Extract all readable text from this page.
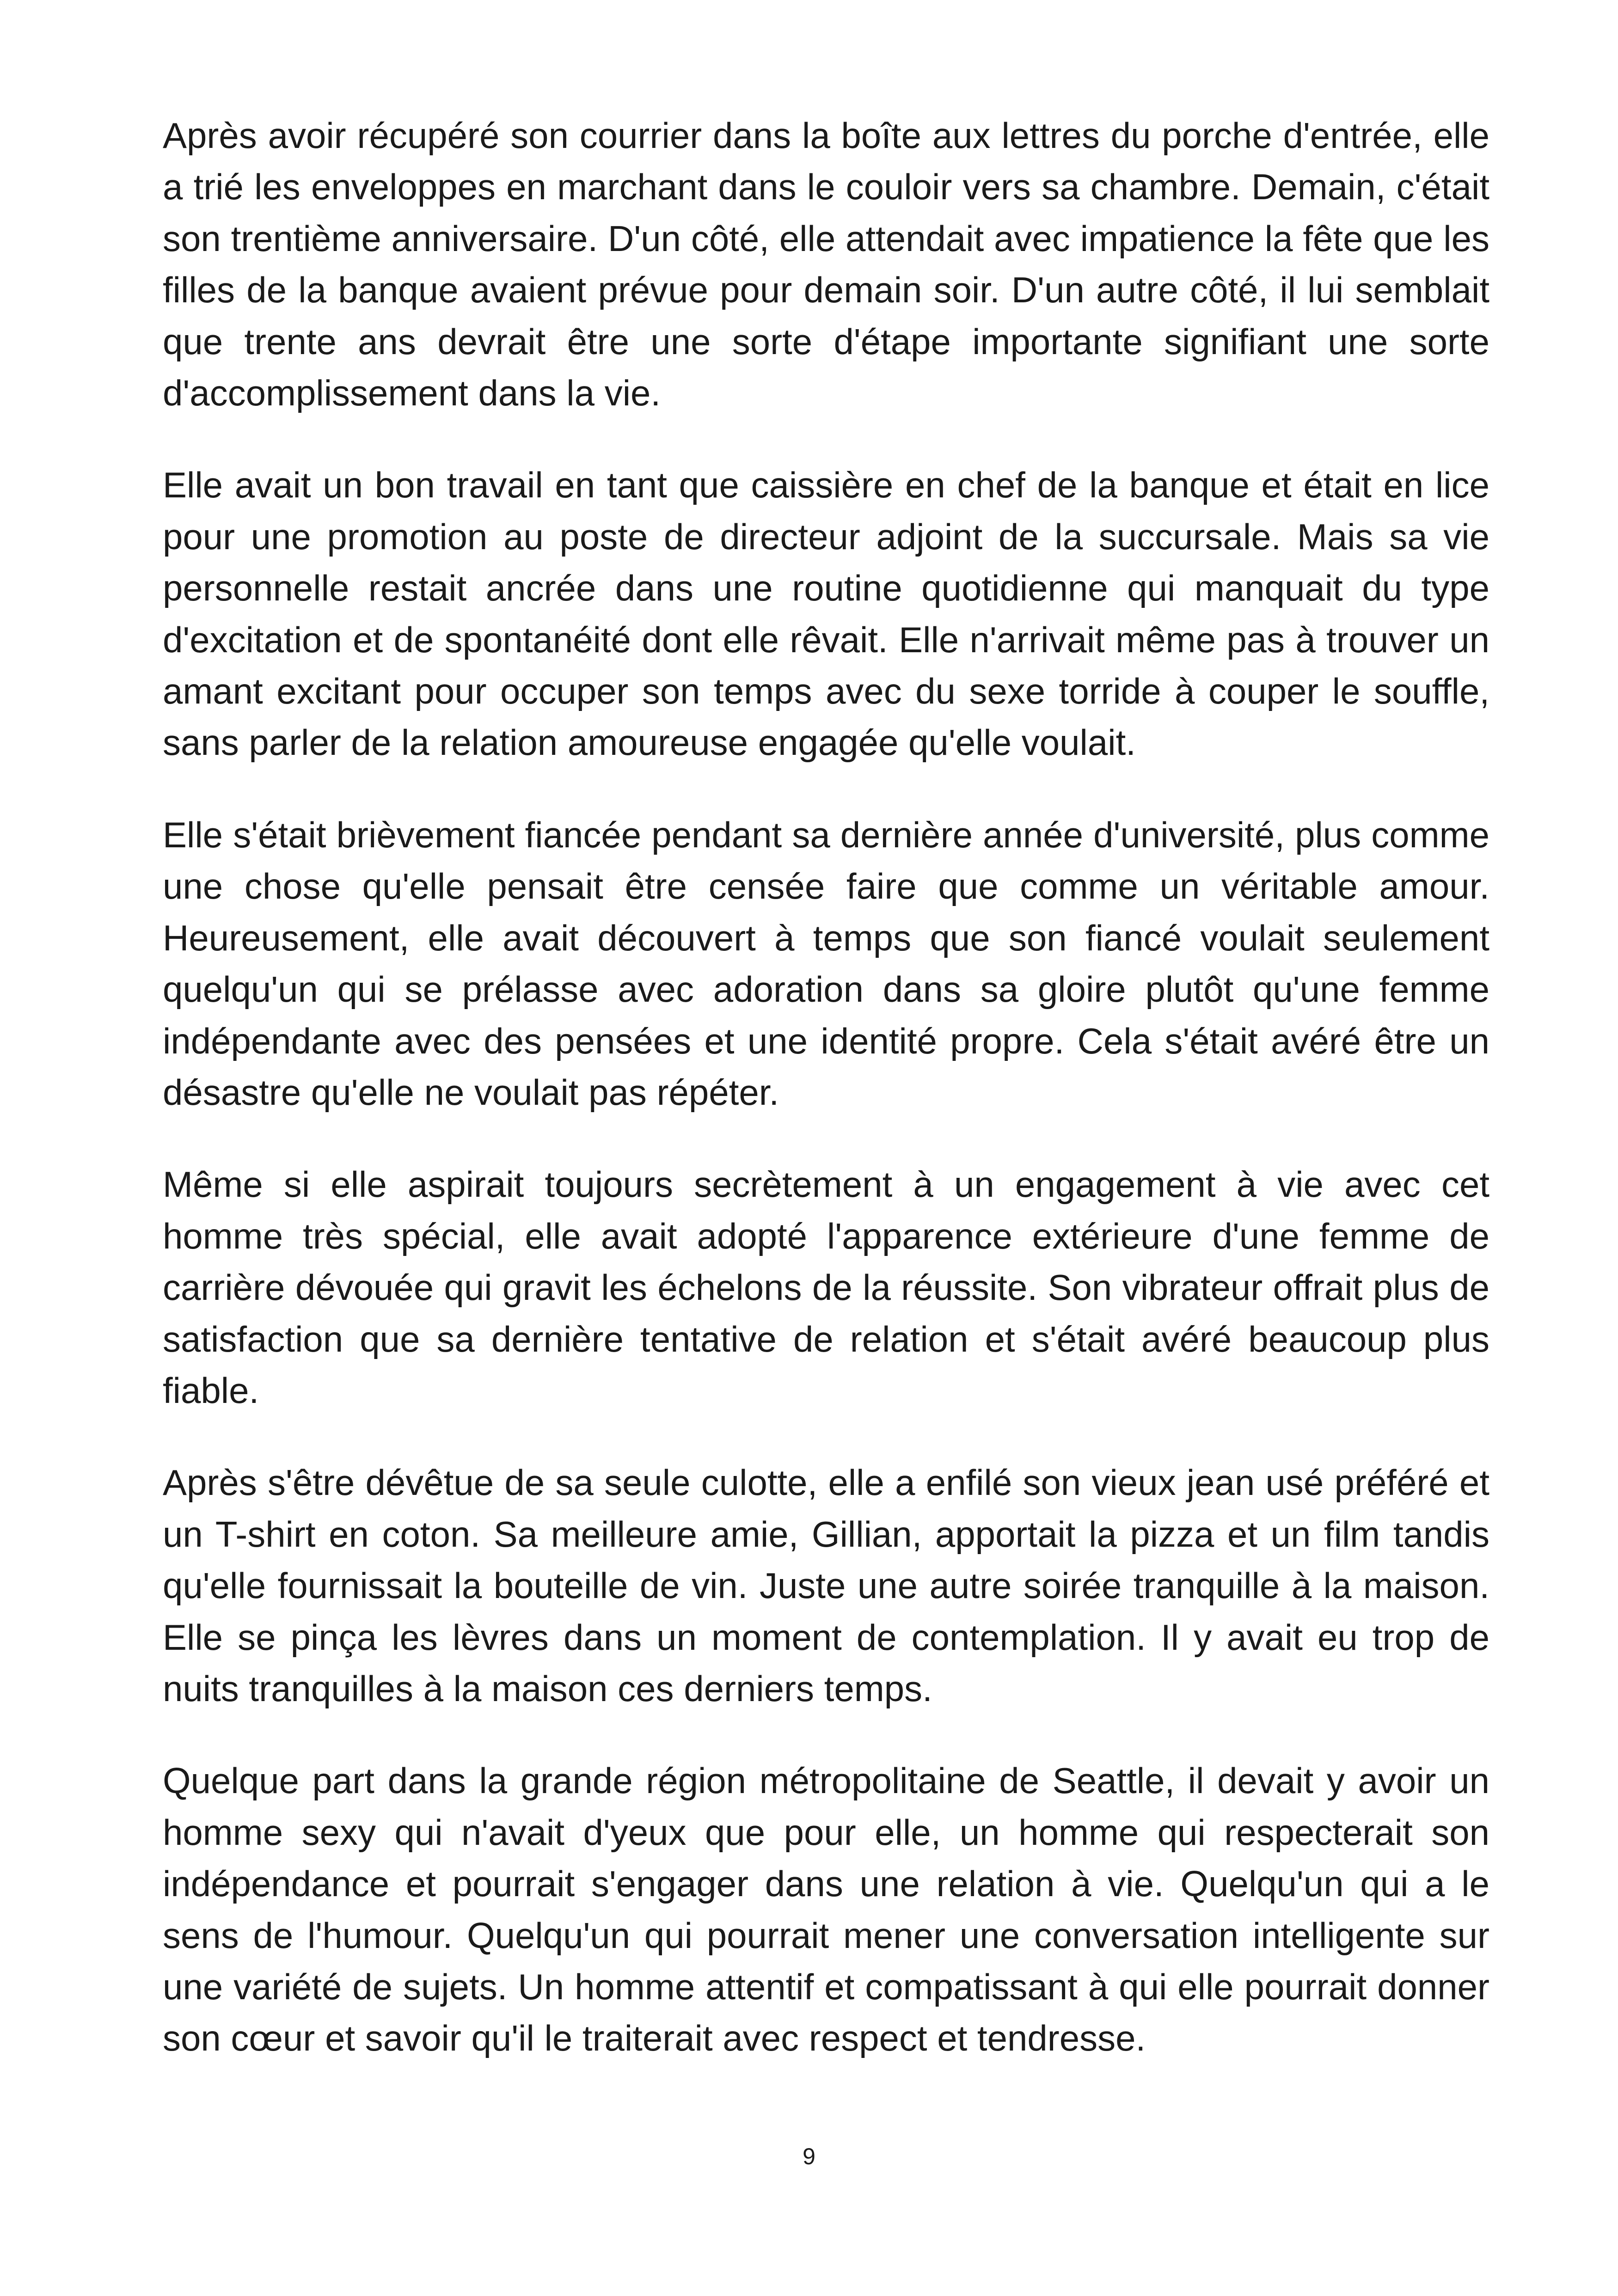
Après avoir récupéré son courrier dans la boîte aux lettres du porche d'entrée, elle a trié les enveloppes en marchant dans le couloir vers sa chambre. Demain, c'était son trentième anniversaire. D'un côté, elle attendait avec impatience la fête que les filles de la banque avaient prévue pour demain soir. D'un autre côté, il lui semblait que trente ans devrait être une sorte d'étape importante signifiant une sorte d'accomplissement dans la vie.

Elle avait un bon travail en tant que caissière en chef de la banque et était en lice pour une promotion au poste de directeur adjoint de la succursale. Mais sa vie personnelle restait ancrée dans une routine quotidienne qui manquait du type d'excitation et de spontanéité dont elle rêvait. Elle n'arrivait même pas à trouver un amant excitant pour occuper son temps avec du sexe torride à couper le souffle, sans parler de la relation amoureuse engagée qu'elle voulait.

Elle s'était brièvement fiancée pendant sa dernière année d'université, plus comme une chose qu'elle pensait être censée faire que comme un véritable amour. Heureusement, elle avait découvert à temps que son fiancé voulait seulement quelqu'un qui se prélasse avec adoration dans sa gloire plutôt qu'une femme indépendante avec des pensées et une identité propre. Cela s'était avéré être un désastre qu'elle ne voulait pas répéter.

Même si elle aspirait toujours secrètement à un engagement à vie avec cet homme très spécial, elle avait adopté l'apparence extérieure d'une femme de carrière dévouée qui gravit les échelons de la réussite. Son vibrateur offrait plus de satisfaction que sa dernière tentative de relation et s'était avéré beaucoup plus fiable.

Après s'être dévêtue de sa seule culotte, elle a enfilé son vieux jean usé préféré et un T-shirt en coton. Sa meilleure amie, Gillian, apportait la pizza et un film tandis qu'elle fournissait la bouteille de vin. Juste une autre soirée tranquille à la maison. Elle se pinça les lèvres dans un moment de contemplation. Il y avait eu trop de nuits tranquilles à la maison ces derniers temps.

Quelque part dans la grande région métropolitaine de Seattle, il devait y avoir un homme sexy qui n'avait d'yeux que pour elle, un homme qui respecterait son indépendance et pourrait s'engager dans une relation à vie. Quelqu'un qui a le sens de l'humour. Quelqu'un qui pourrait mener une conversation intelligente sur une variété de sujets. Un homme attentif et compatissant à qui elle pourrait donner son cœur et savoir qu'il le traiterait avec respect et tendresse.

9
